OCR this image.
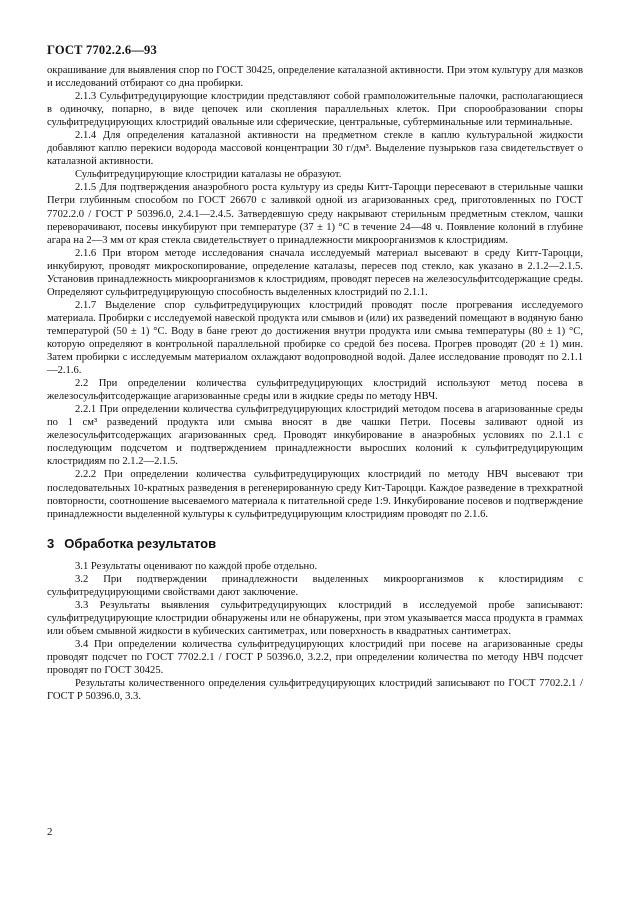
ГОСТ 7702.2.6—93

окрашивание для выявления спор по ГОСТ 30425, определение каталазной активности. При этом культуру для мазков и исследований отбирают со дна пробирки.

2.1.3 Сульфитредуцирующие клостридии представляют собой грамположительные палочки, располагающиеся в одиночку, попарно, в виде цепочек или скопления параллельных клеток. При спорообразовании споры сульфитредуцирующих клостридий овальные или сферические, центральные, субтерминальные или терминальные.

2.1.4 Для определения каталазной активности на предметном стекле в каплю культуральной жидкости добавляют каплю перекиси водорода массовой концентрации 30 г/дм³. Выделение пузырьков газа свидетельствует о каталазной активности.

Сульфитредуцирующие клостридии каталазы не образуют.

2.1.5 Для подтверждения анаэробного роста культуру из среды Китт-Тароцци пересевают в стерильные чашки Петри глубинным способом по ГОСТ 26670 с заливкой одной из агаризованных сред, приготовленных по ГОСТ 7702.2.0 / ГОСТ Р 50396.0, 2.4.1—2.4.5. Затвердевшую среду накрывают стерильным предметным стеклом, чашки переворачивают, посевы инкубируют при температуре (37 ± 1) °С в течение 24—48 ч. Появление колоний в глубине агара на 2—3 мм от края стекла свидетельствует о принадлежности микроорганизмов к клостридиям.

2.1.6 При втором методе исследования сначала исследуемый материал высевают в среду Китт-Тароцци, инкубируют, проводят микроскопирование, определение каталазы, пересев под стекло, как указано в 2.1.2—2.1.5. Установив принадлежность микроорганизмов к клостридиям, проводят пересев на железосульфитсодержащие среды. Определяют сульфитредуцирующую способность выделенных клостридий по 2.1.1.

2.1.7 Выделение спор сульфитредуцирующих клостридий проводят после прогревания исследуемого материала. Пробирки с исследуемой навеской продукта или смывов и (или) их разведений помещают в водяную баню температурой (50 ± 1) °С. Воду в бане греют до достижения внутри продукта или смыва температуры (80 ± 1) °С, которую определяют в контрольной параллельной пробирке со средой без посева. Прогрев проводят (20 ± 1) мин. Затем пробирки с исследуемым материалом охлаждают водопроводной водой. Далее исследование проводят по 2.1.1—2.1.6.

2.2 При определении количества сульфитредуцирующих клостридий используют метод посева в железосульфитсодержащие агаризованные среды или в жидкие среды по методу НВЧ.

2.2.1 При определении количества сульфитредуцирующих клостридий методом посева в агаризованные среды по 1 см³ разведений продукта или смыва вносят в две чашки Петри. Посевы заливают одной из железосульфитсодержащих агаризованных сред. Проводят инкубирование в анаэробных условиях по 2.1.1 с последующим подсчетом и подтверждением принадлежности выросших колоний к сульфитредуцирующим клостридиям по 2.1.2—2.1.5.

2.2.2 При определении количества сульфитредуцирующих клостридий по методу НВЧ высевают три последовательных 10-кратных разведения в регенерированную среду Кит-Тароцци. Каждое разведение в трехкратной повторности, соотношение высеваемого материала к питательной среде 1:9. Инкубирование посевов и подтверждение принадлежности выделенной культуры к сульфитредуцирующим клостридиям проводят по 2.1.6.

3 Обработка результатов

3.1 Результаты оценивают по каждой пробе отдельно.

3.2 При подтверждении принадлежности выделенных микроорганизмов к клостиридиям с сульфитредуцирующими свойствами дают заключение.

3.3 Результаты выявления сульфитредуцирующих клостридий в исследуемой пробе записывают: сульфитредуцирующие клостридии обнаружены или не обнаружены, при этом указывается масса продукта в граммах или объем смывной жидкости в кубических сантиметрах, или поверхность в квадратных сантиметрах.

3.4 При определении количества сульфитредуцирующих клостридий при посеве на агаризованные среды проводят подсчет по ГОСТ 7702.2.1 / ГОСТ Р 50396.0, 3.2.2, при определении количества по методу НВЧ подсчет проводят по ГОСТ 30425.

Результаты количественного определения сульфитредуцирующих клостридий записывают по ГОСТ 7702.2.1 / ГОСТ Р 50396.0, 3.3.

2
